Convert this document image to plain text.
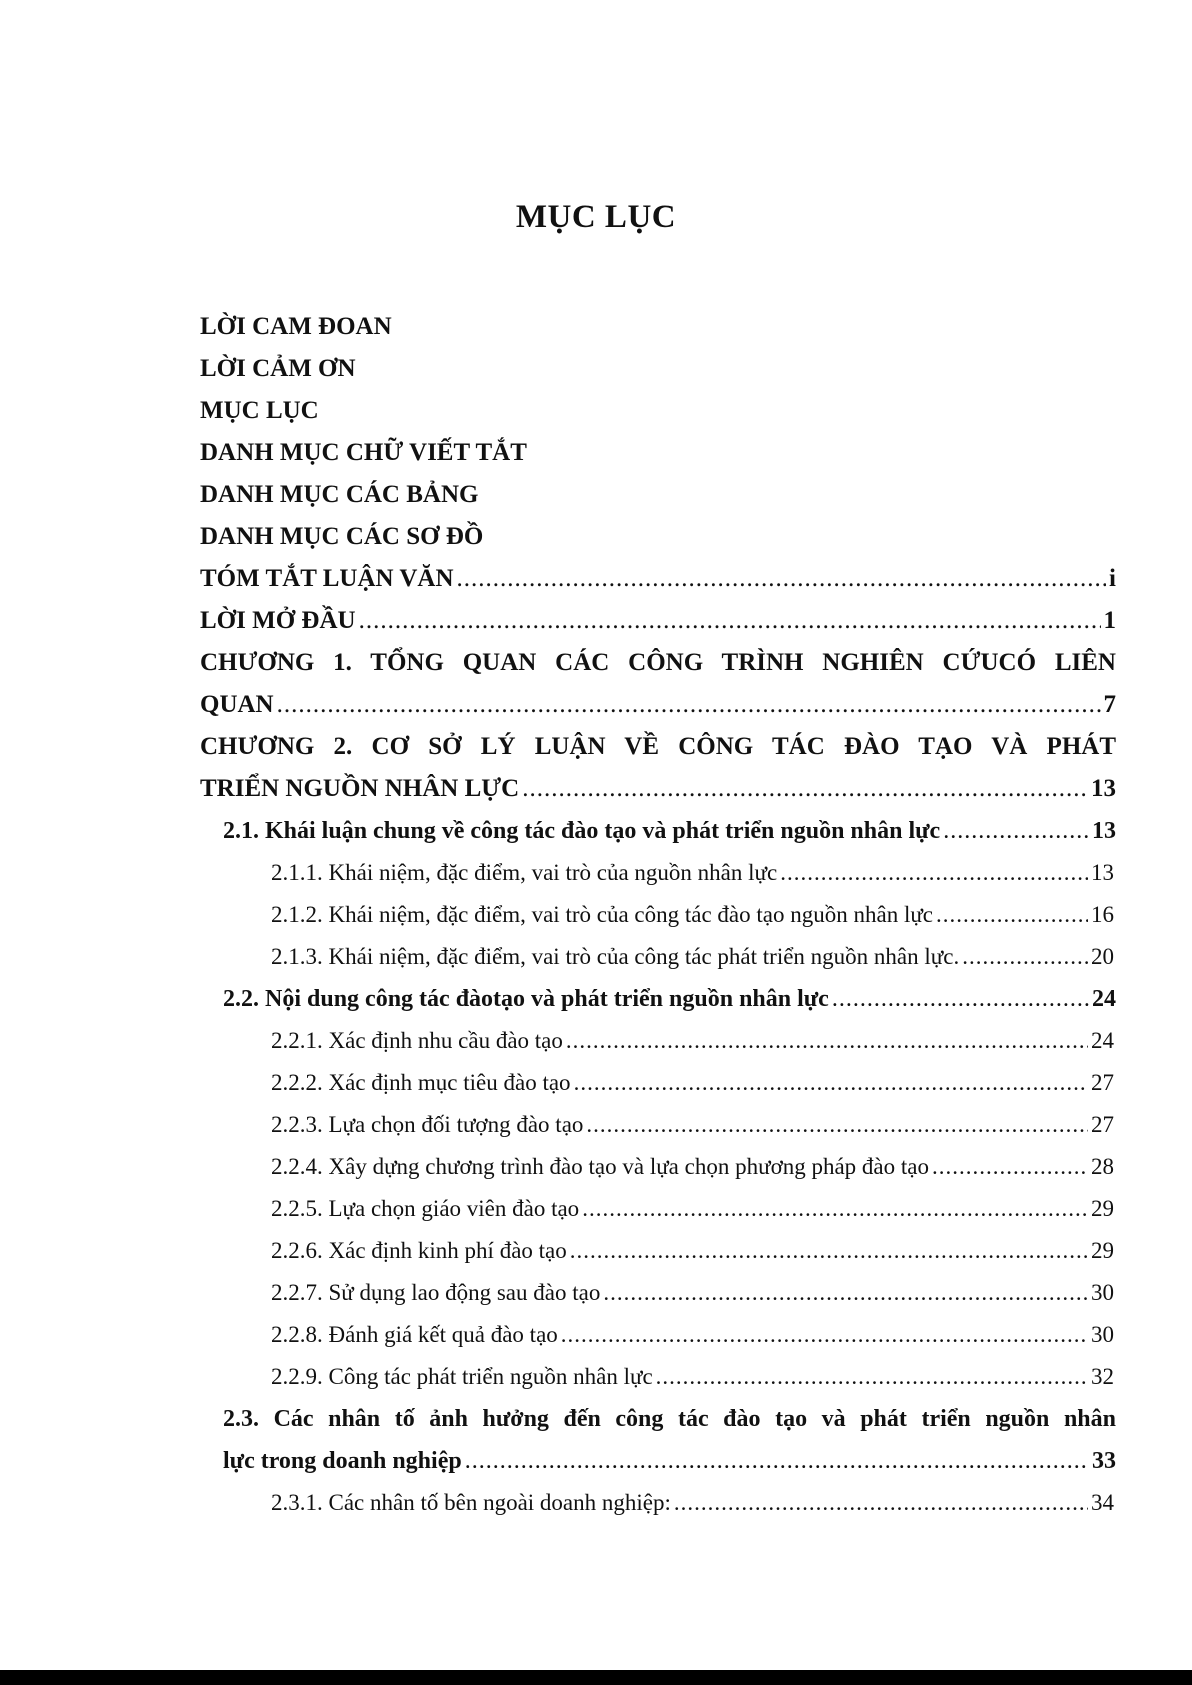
MỤC LỤC
LỜI CAM ĐOAN
LỜI CẢM ƠN
MỤC LỤC
DANH MỤC CHỮ VIẾT TẮT
DANH MỤC CÁC BẢNG
DANH MỤC CÁC SƠ ĐỒ
TÓM TẮT LUẬN VĂN .....	i
LỜI MỞ ĐẦU .....	1
CHƯƠNG 1. TỔNG QUAN CÁC CÔNG TRÌNH NGHIÊN CỨUCÓ LIÊN
QUAN .....	7
CHƯƠNG 2. CƠ SỞ LÝ LUẬN VỀ CÔNG TÁC ĐÀO TẠO VÀ PHÁT
TRIỂN NGUỒN NHÂN LỰC .....	13
2.1. Khái luận chung về công tác đào tạo và phát triển nguồn nhân lực .....	13
2.1.1. Khái niệm, đặc điểm, vai trò của nguồn nhân lực .....	13
2.1.2. Khái niệm, đặc điểm, vai trò của công tác đào tạo nguồn nhân lực .....	16
2.1.3. Khái niệm, đặc điểm, vai trò của công tác phát triển nguồn nhân lực. .....	20
2.2. Nội dung công tác đàotạo và phát triển nguồn nhân lực .....	24
2.2.1. Xác định nhu cầu đào tạo .....	24
2.2.2. Xác định mục tiêu đào tạo .....	27
2.2.3. Lựa chọn đối tượng đào tạo .....	27
2.2.4. Xây dựng chương trình đào tạo và lựa chọn phương pháp đào tạo .....	28
2.2.5. Lựa chọn giáo viên đào tạo .....	29
2.2.6. Xác định kinh phí đào tạo .....	29
2.2.7. Sử dụng lao động sau đào tạo .....	30
2.2.8. Đánh giá kết quả đào tạo .....	30
2.2.9. Công tác phát triển nguồn nhân lực .....	32
2.3. Các nhân tố ảnh hưởng đến công tác đào tạo và phát triển nguồn nhân
lực trong doanh nghiệp .....	33
2.3.1. Các nhân tố bên ngoài doanh nghiệp: .....	34
